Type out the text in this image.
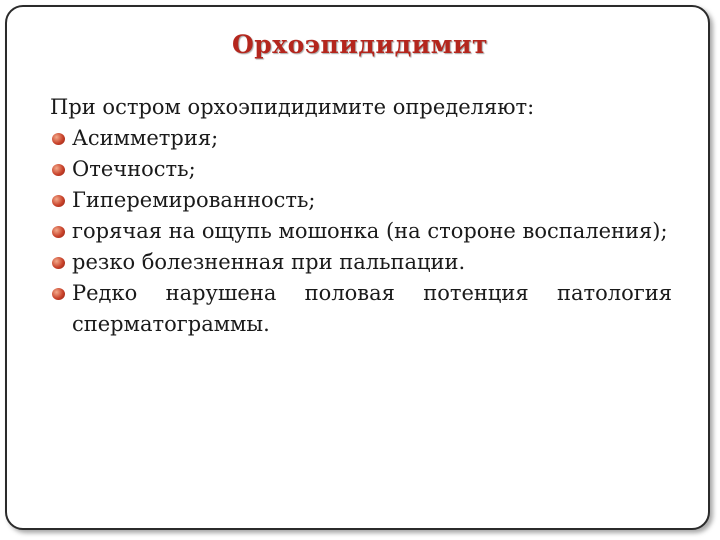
Орхоэпидидимит

При остром орхоэпидидимите определяют:

Асимметрия;
Отечность;
Гиперемированность;
горячая на ощупь мошонка (на стороне воспаления);
резко болезненная при пальпации.
Редко нарушена половая потенция патология сперматограммы.
